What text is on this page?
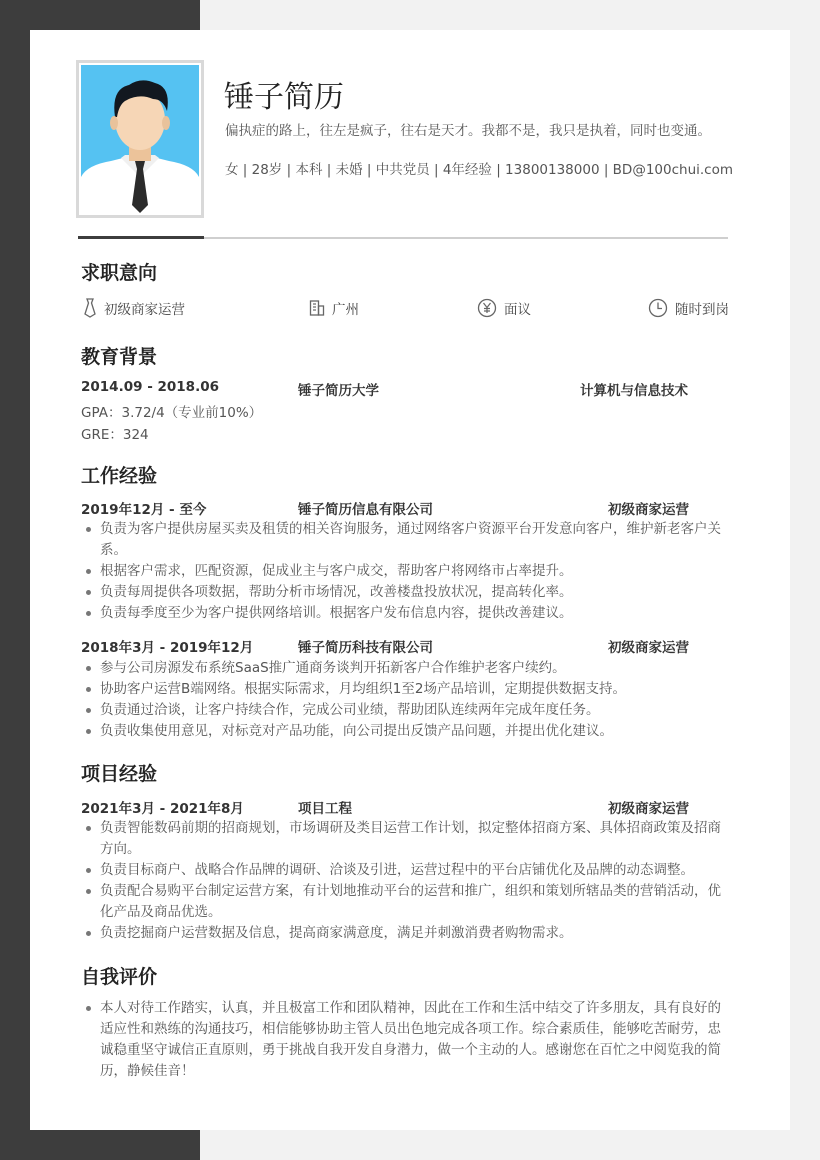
锤子简历
偏执症的路上，往左是疯子，往右是天才。我都不是，我只是执着，同时也变通。
女 | 28岁 | 本科 | 未婚 | 中共党员 | 4年经验 | 13800138000 | BD@100chui.com
求职意向
初级商家运营	广州	面议	随时到岗
教育背景
2014.09 - 2018.06	锤子简历大学	计算机与信息技术
GPA：3.72/4（专业前10%）
GRE：324
工作经验
2019年12月 - 至今	锤子简历信息有限公司	初级商家运营
负责为客户提供房屋买卖及租赁的相关咨询服务，通过网络客户资源平台开发意向客户，维护新老客户关系。
根据客户需求，匹配资源，促成业主与客户成交，帮助客户将网络市占率提升。
负责每周提供各项数据，帮助分析市场情况，改善楼盘投放状况，提高转化率。
负责每季度至少为客户提供网络培训。根据客户发布信息内容，提供改善建议。
2018年3月 - 2019年12月	锤子简历科技有限公司	初级商家运营
参与公司房源发布系统SaaS推广通商务谈判开拓新客户合作维护老客户续约。
协助客户运营B端网络。根据实际需求，月均组织1至2场产品培训，定期提供数据支持。
负责通过洽谈，让客户持续合作，完成公司业绩，帮助团队连续两年完成年度任务。
负责收集使用意见，对标竞对产品功能，向公司提出反馈产品问题，并提出优化建议。
项目经验
2021年3月 - 2021年8月	项目工程	初级商家运营
负责智能数码前期的招商规划，市场调研及类目运营工作计划，拟定整体招商方案、具体招商政策及招商方向。
负责目标商户、战略合作品牌的调研、洽谈及引进，运营过程中的平台店铺优化及品牌的动态调整。
负责配合易购平台制定运营方案，有计划地推动平台的运营和推广，组织和策划所辖品类的营销活动，优化产品及商品优选。
负责挖掘商户运营数据及信息，提高商家满意度，满足并刺激消费者购物需求。
自我评价
本人对待工作踏实，认真，并且极富工作和团队精神，因此在工作和生活中结交了许多朋友，具有良好的适应性和熟练的沟通技巧，相信能够协助主管人员出色地完成各项工作。综合素质佳，能够吃苦耐劳，忠诚稳重坚守诚信正直原则，勇于挑战自我开发自身潜力，做一个主动的人。感谢您在百忙之中阅览我的简历，静候佳音！
